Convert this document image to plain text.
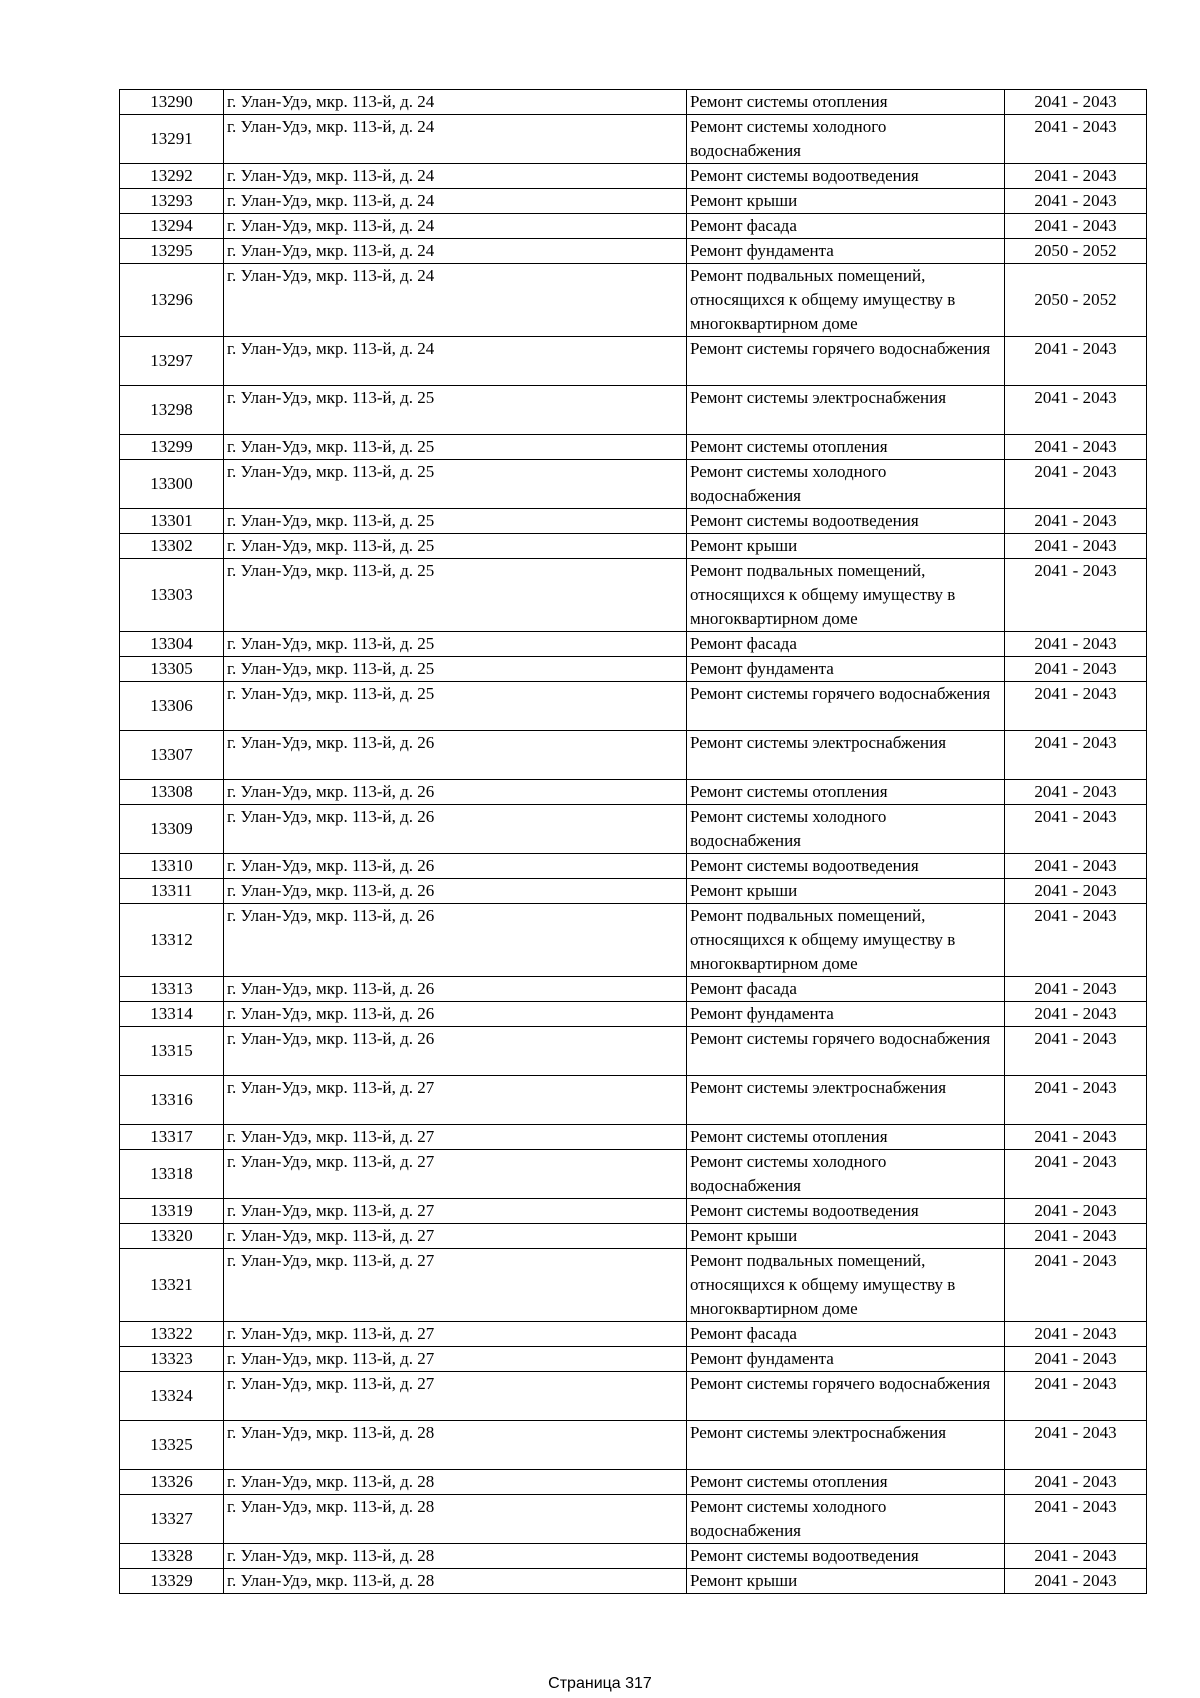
13290	г. Улан-Удэ, мкр. 113-й, д. 24	Ремонт системы отопления	2041 - 2043
13291	г. Улан-Удэ, мкр. 113-й, д. 24	Ремонт системы холодного водоснабжения	2041 - 2043
13292	г. Улан-Удэ, мкр. 113-й, д. 24	Ремонт системы водоотведения	2041 - 2043
13293	г. Улан-Удэ, мкр. 113-й, д. 24	Ремонт крыши	2041 - 2043
13294	г. Улан-Удэ, мкр. 113-й, д. 24	Ремонт фасада	2041 - 2043
13295	г. Улан-Удэ, мкр. 113-й, д. 24	Ремонт фундамента	2050 - 2052
13296	г. Улан-Удэ, мкр. 113-й, д. 24	Ремонт подвальных помещений, относящихся к общему имуществу в многоквартирном доме	2050 - 2052
13297	г. Улан-Удэ, мкр. 113-й, д. 24	Ремонт системы горячего водоснабжения	2041 - 2043
13298	г. Улан-Удэ, мкр. 113-й, д. 25	Ремонт системы электроснабжения	2041 - 2043
13299	г. Улан-Удэ, мкр. 113-й, д. 25	Ремонт системы отопления	2041 - 2043
13300	г. Улан-Удэ, мкр. 113-й, д. 25	Ремонт системы холодного водоснабжения	2041 - 2043
13301	г. Улан-Удэ, мкр. 113-й, д. 25	Ремонт системы водоотведения	2041 - 2043
13302	г. Улан-Удэ, мкр. 113-й, д. 25	Ремонт крыши	2041 - 2043
13303	г. Улан-Удэ, мкр. 113-й, д. 25	Ремонт подвальных помещений, относящихся к общему имуществу в многоквартирном доме	2041 - 2043
13304	г. Улан-Удэ, мкр. 113-й, д. 25	Ремонт фасада	2041 - 2043
13305	г. Улан-Удэ, мкр. 113-й, д. 25	Ремонт фундамента	2041 - 2043
13306	г. Улан-Удэ, мкр. 113-й, д. 25	Ремонт системы горячего водоснабжения	2041 - 2043
13307	г. Улан-Удэ, мкр. 113-й, д. 26	Ремонт системы электроснабжения	2041 - 2043
13308	г. Улан-Удэ, мкр. 113-й, д. 26	Ремонт системы отопления	2041 - 2043
13309	г. Улан-Удэ, мкр. 113-й, д. 26	Ремонт системы холодного водоснабжения	2041 - 2043
13310	г. Улан-Удэ, мкр. 113-й, д. 26	Ремонт системы водоотведения	2041 - 2043
13311	г. Улан-Удэ, мкр. 113-й, д. 26	Ремонт крыши	2041 - 2043
13312	г. Улан-Удэ, мкр. 113-й, д. 26	Ремонт подвальных помещений, относящихся к общему имуществу в многоквартирном доме	2041 - 2043
13313	г. Улан-Удэ, мкр. 113-й, д. 26	Ремонт фасада	2041 - 2043
13314	г. Улан-Удэ, мкр. 113-й, д. 26	Ремонт фундамента	2041 - 2043
13315	г. Улан-Удэ, мкр. 113-й, д. 26	Ремонт системы горячего водоснабжения	2041 - 2043
13316	г. Улан-Удэ, мкр. 113-й, д. 27	Ремонт системы электроснабжения	2041 - 2043
13317	г. Улан-Удэ, мкр. 113-й, д. 27	Ремонт системы отопления	2041 - 2043
13318	г. Улан-Удэ, мкр. 113-й, д. 27	Ремонт системы холодного водоснабжения	2041 - 2043
13319	г. Улан-Удэ, мкр. 113-й, д. 27	Ремонт системы водоотведения	2041 - 2043
13320	г. Улан-Удэ, мкр. 113-й, д. 27	Ремонт крыши	2041 - 2043
13321	г. Улан-Удэ, мкр. 113-й, д. 27	Ремонт подвальных помещений, относящихся к общему имуществу в многоквартирном доме	2041 - 2043
13322	г. Улан-Удэ, мкр. 113-й, д. 27	Ремонт фасада	2041 - 2043
13323	г. Улан-Удэ, мкр. 113-й, д. 27	Ремонт фундамента	2041 - 2043
13324	г. Улан-Удэ, мкр. 113-й, д. 27	Ремонт системы горячего водоснабжения	2041 - 2043
13325	г. Улан-Удэ, мкр. 113-й, д. 28	Ремонт системы электроснабжения	2041 - 2043
13326	г. Улан-Удэ, мкр. 113-й, д. 28	Ремонт системы отопления	2041 - 2043
13327	г. Улан-Удэ, мкр. 113-й, д. 28	Ремонт системы холодного водоснабжения	2041 - 2043
13328	г. Улан-Удэ, мкр. 113-й, д. 28	Ремонт системы водоотведения	2041 - 2043
13329	г. Улан-Удэ, мкр. 113-й, д. 28	Ремонт крыши	2041 - 2043
Страница 317
